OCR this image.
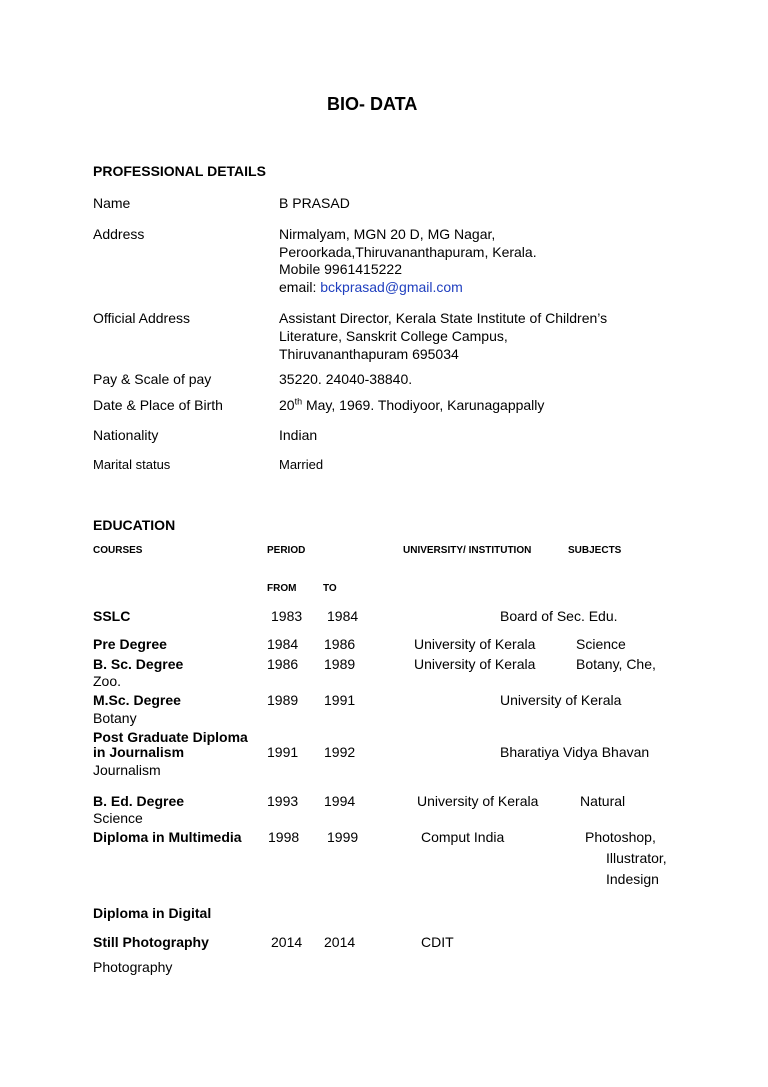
BIO- DATA
PROFESSIONAL DETAILS
Name	B PRASAD
Address	Nirmalyam, MGN 20 D, MG Nagar,
Peroorkada,Thiruvananthapuram, Kerala.
Mobile 9961415222
email: bckprasad@gmail.com
Official Address	Assistant Director, Kerala State Institute of Children’s
Literature, Sanskrit College Campus,
Thiruvananthapuram 695034
Pay & Scale of pay	35220. 24040-38840.
Date & Place of Birth	20th May, 1969. Thodiyoor, Karunagappally
Nationality	Indian
Marital status	Married
EDUCATION
COURSES	PERIOD	UNIVERSITY/ INSTITUTION	SUBJECTS
FROM	TO
SSLC	1983 1984	Board of Sec. Edu.
Pre Degree	1984 1986	University of Kerala	Science
B. Sc. Degree	1986 1989	University of Kerala	Botany, Che,
Zoo.
M.Sc. Degree	1989 1991	University of Kerala
Botany
Post Graduate Diploma
in Journalism	1991 1992	Bharatiya Vidya Bhavan
Journalism
B. Ed. Degree	1993 1994	University of Kerala	Natural
Science
Diploma in Multimedia 1998 1999	Comput India	Photoshop,
Illustrator,
Indesign
Diploma in Digital
Still Photography	2014 2014	CDIT
Photography
